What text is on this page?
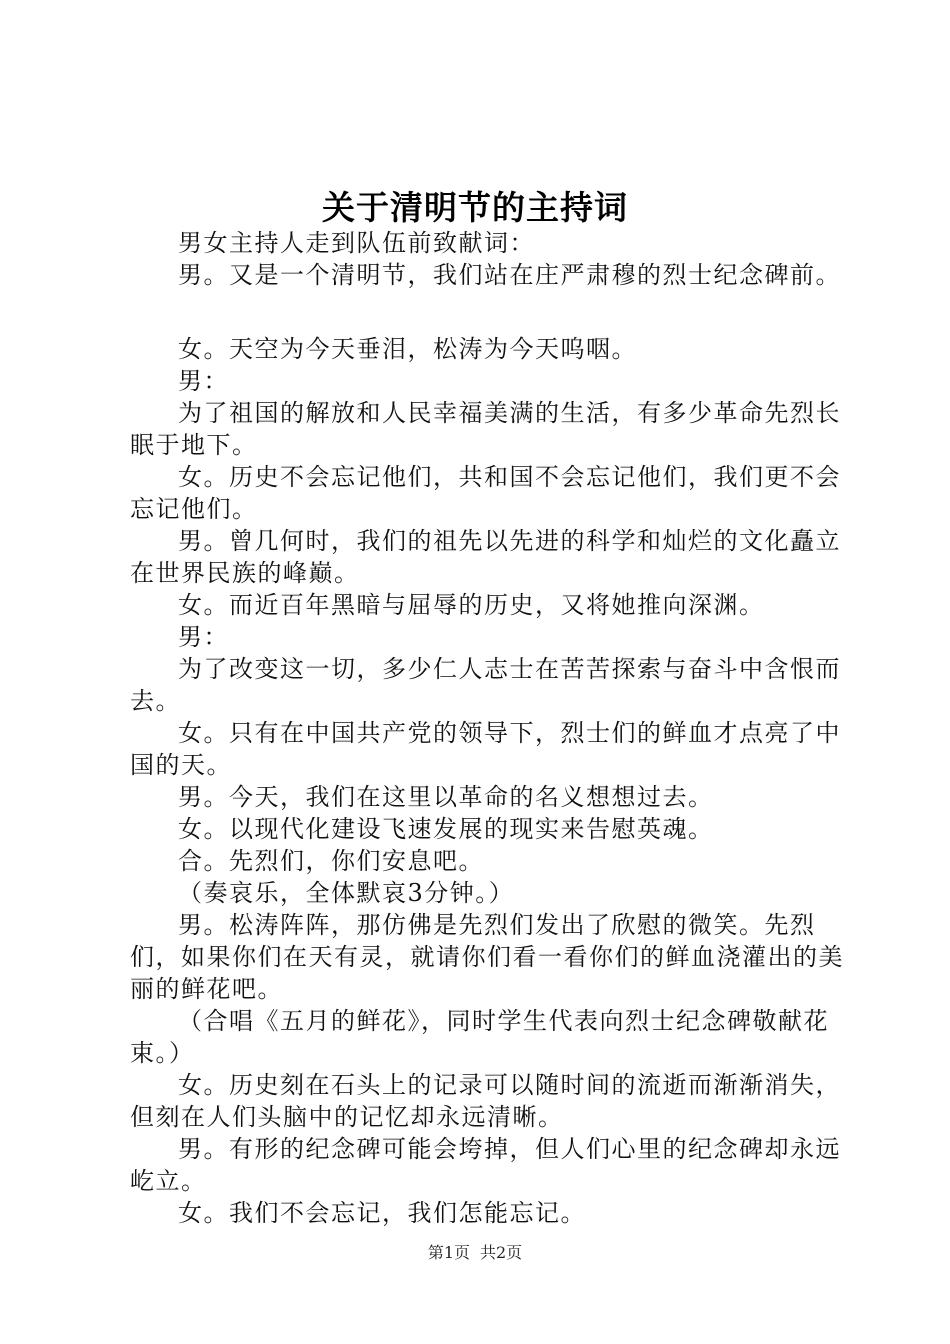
关于清明节的主持词

男女主持人走到队伍前致献词：

男。又是一个清明节，我们站在庄严肃穆的烈士纪念碑前。

女。天空为今天垂泪，松涛为今天呜咽。

男：

为了祖国的解放和人民幸福美满的生活，有多少革命先烈长眠于地下。

女。历史不会忘记他们，共和国不会忘记他们，我们更不会忘记他们。

男。曾几何时，我们的祖先以先进的科学和灿烂的文化矗立在世界民族的峰巅。

女。而近百年黑暗与屈辱的历史，又将她推向深渊。

男：

为了改变这一切，多少仁人志士在苦苦探索与奋斗中含恨而去。

女。只有在中国共产党的领导下，烈士们的鲜血才点亮了中国的天。

男。今天，我们在这里以革命的名义想想过去。

女。以现代化建设飞速发展的现实来告慰英魂。

合。先烈们，你们安息吧。

（奏哀乐，全体默哀3分钟。）

男。松涛阵阵，那仿佛是先烈们发出了欣慰的微笑。先烈们，如果你们在天有灵，就请你们看一看你们的鲜血浇灌出的美丽的鲜花吧。

（合唱《五月的鲜花》，同时学生代表向烈士纪念碑敬献花束。）

女。历史刻在石头上的记录可以随时间的流逝而渐渐消失，但刻在人们头脑中的记忆却永远清晰。

男。有形的纪念碑可能会垮掉，但人们心里的纪念碑却永远屹立。

女。我们不会忘记，我们怎能忘记。

第1页 共2页
